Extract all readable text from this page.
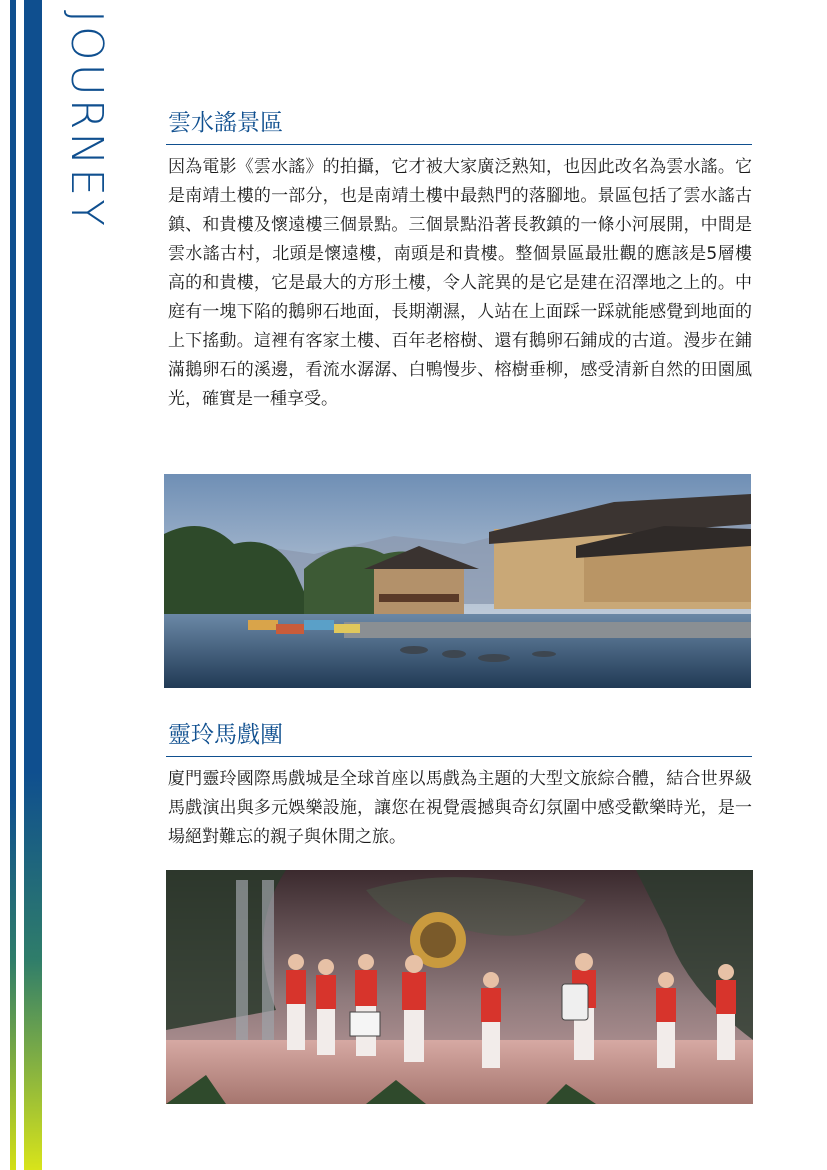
JOURNEY 雲水謠景區

因為電影《雲水謠》的拍攝，它才被大家廣泛熟知，也因此改名為雲水謠。它是南靖土樓的一部分，也是南靖土樓中最熱門的落腳地。景區包括了雲水謠古鎮、和貴樓及懷遠樓三個景點。三個景點沿著長教鎮的一條小河展開，中間是雲水謠古村，北頭是懷遠樓，南頭是和貴樓。整個景區最壯觀的應該是5層樓高的和貴樓，它是最大的方形土樓，令人詫異的是它是建在沼澤地之上的。中庭有一塊下陷的鵝卵石地面，長期潮濕，人站在上面踩一踩就能感覺到地面的上下搖動。這裡有客家土樓、百年老榕樹、還有鵝卵石鋪成的古道。漫步在鋪滿鵝卵石的溪邊，看流水潺潺、白鴨慢步、榕樹垂柳，感受清新自然的田園風光，確實是一種享受。

靈玲馬戲團

廈門靈玲國際馬戲城是全球首座以馬戲為主題的大型文旅綜合體，結合世界級馬戲演出與多元娛樂設施，讓您在視覺震撼與奇幻氛圍中感受歡樂時光，是一場絕對難忘的親子與休閒之旅。
